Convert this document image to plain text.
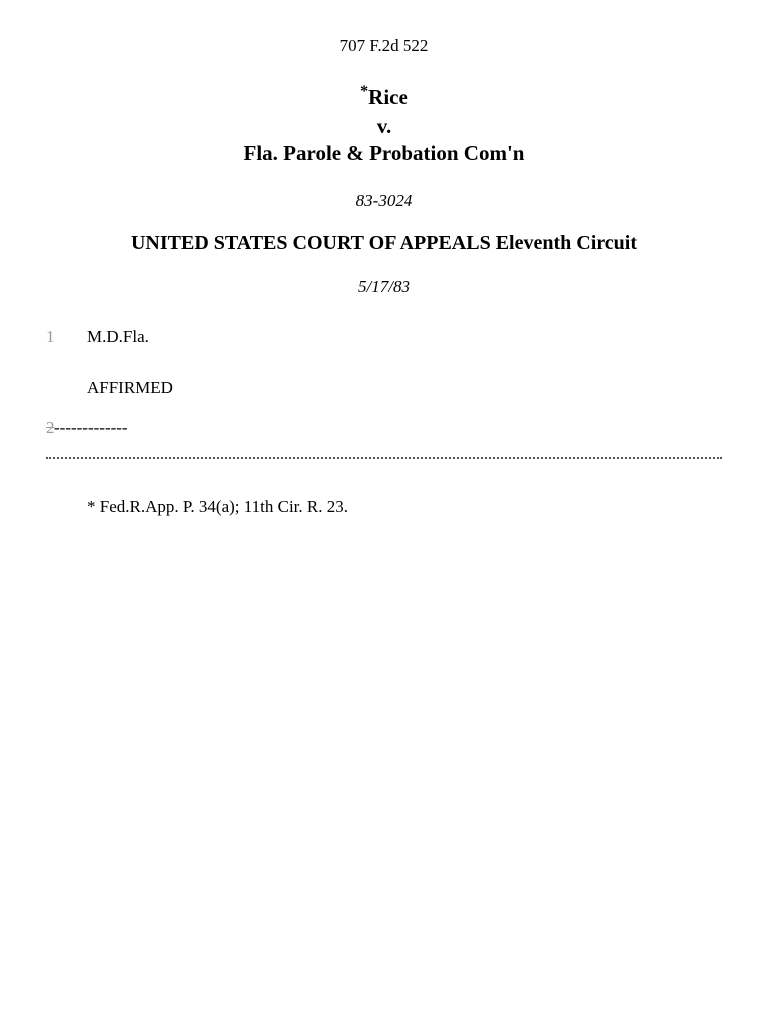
707 F.2d 522
*Rice
v.
Fla. Parole & Probation Com'n
83-3024
UNITED STATES COURT OF APPEALS Eleventh Circuit
5/17/83
1 M.D.Fla.
AFFIRMED
2 -------------
* Fed.R.App. P. 34(a); 11th Cir. R. 23.
